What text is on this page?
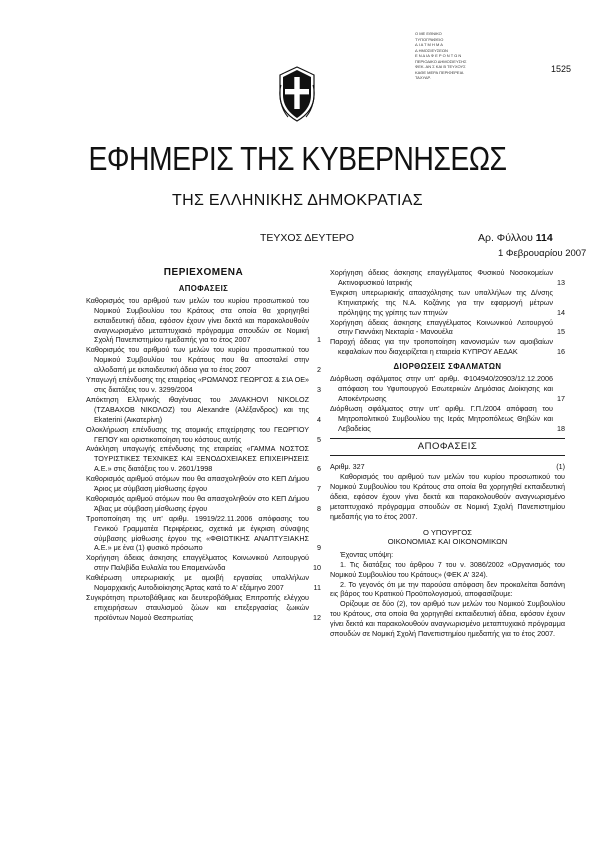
Ο ΜΕ ΕΘΝΙΚΟ
ΤΥΠΟΓΡΑΦΕΙΟ
Δ Ι Α Τ Μ Η Μ Α
Δ ΗΜΟΣΙΕΥΣΕΩΝ
Ε Ν Δ ΙΑ Φ Ε Ρ Ο Ν Τ Ω Ν
ΠΕΡΙΟΔΙΚΟ ΔΗΜΟΣΙΕΥΣΗΣ
ΦΕΚ. ΑΝ Σ ΚΑΙ Β ΤΕΥΧΟΥΣ
ΚΑΘΕ ΜΕΡΑ ΠΕΡΙΦΕΡΕΙΑ
ΤΑΧΥΔΡ.
1525
ΕΦΗΜΕΡΙΣ ΤΗΣ ΚΥΒΕΡΝΗΣΕΩΣ
ΤΗΣ ΕΛΛΗΝΙΚΗΣ ΔΗΜΟΚΡΑΤΙΑΣ
ΤΕΥΧΟΣ ΔΕΥΤΕΡΟ	Αρ. Φύλλου 114
1 Φεβρουαρίου 2007
ΠΕΡΙΕΧΟΜΕΝΑ
ΑΠΟΦΑΣΕΙΣ

Καθορισμός του αριθμού των μελών του κυρίου προσωπικού του Νομικού Συμβουλίου του Κράτους στα οποία θα χορηγηθεί εκπαιδευτική άδεια, εφόσον έχουν γίνει δεκτά και παρακολουθούν αναγνωρισμένο μεταπτυχιακό πρόγραμμα σπουδών σε Νομική Σχολή Πανεπιστημίου ημεδαπής για το έτος 2007	1

Καθορισμός του αριθμού των μελών του κυρίου προσωπικού του Νομικού Συμβουλίου του Κράτους που θα αποσταλεί στην αλλοδαπή με εκπαιδευτική άδεια για το έτος 2007	2

Υπαγωγή επένδυσης της εταιρείας «ΡΩΜΑΝΟΣ ΓΕΩΡΓΟΣ & ΣΙΑ ΟΕ» στις διατάξεις του ν. 3299/2004	3

Απόκτηση Ελληνικής ιθαγένειας του JAVAKHOVI NIKOLOZ (ΤΖΑΒΑΧΟΒ ΝΙΚΟΛΟΖ) του Alexandre (Αλέξανδρος) και της Ekaterini (Αικατερίνη)	4

Ολοκλήρωση επένδυσης της ατομικής επιχείρησης του ΓΕΩΡΓΙΟΥ ΓΕΠΟΥ και οριστικοποίηση του κόστους αυτής	5

Ανάκληση υπαγωγής επένδυσης της εταιρείας «ΓΑΜΜΑ ΝΟΣΤΟΣ ΤΟΥΡΙΣΤΙΚΕΣ ΤΕΧΝΙΚΕΣ ΚΑΙ ΞΕΝΟΔΟΧΕΙΑΚΕΣ ΕΠΙΧΕΙΡΗΣΕΙΣ Α.Ε.» στις διατάξεις του ν. 2601/1998	6

Καθορισμός αριθμού ατόμων που θα απασχοληθούν στο ΚΕΠ Δήμου Άριος με σύμβαση μίσθωσης έργου	7

Καθορισμός αριθμού ατόμων που θα απασχοληθούν στο ΚΕΠ Δήμου Άβιας με σύμβαση μίσθωσης έργου	8

Τροποποίηση της υπ' αριθμ. 19919/22.11.2006 απόφασης του Γενικού Γραμματέα Περιφέρειας, σχετικά με έγκριση σύναψης σύμβασης μίσθωσης έργου της «ΦΘΙΩΤΙΚΗΣ ΑΝΑΠΤΥΞΙΑΚΗΣ Α.Ε.» με ένα (1) φυσικό πρόσωπο	9

Χορήγηση άδειας άσκησης επαγγέλματος Κοινωνικού Λειτουργού στην Παλιβίδα Ευλαλία του Επαμεινώνδα	10

Καθιέρωση υπερωριακής με αμοιβή εργασίας υπαλλήλων Νομαρχιακής Αυτοδιοίκησης Άρτας κατά το Α' εξάμηνο 2007	11

Συγκρότηση πρωτοβάθμιας και δευτεροβάθμιας Επιτροπής ελέγχου επιχειρήσεων σταυλισμού ζώων και επεξεργασίας ζωικών προϊόντων Νομού Θεσπρωτίας	12

Χορήγηση άδειας άσκησης επαγγέλματος Φυσικού Νοσοκομείων Ακτινοφυσικού Ιατρικής	13

Έγκριση υπερωριακής απασχόλησης των υπαλλήλων της Δ/νσης Κτηνιατρικής της Ν.Α. Κοζάνης για την εφαρμογή μέτρων πρόληψης της γρίπης των πτηνών	14

Χορήγηση άδειας άσκησης επαγγέλματος Κοινωνικού Λειτουργού στην Γιαννάκη Νεκταρία - Μανουέλα	15

Παροχή άδειας για την τροποποίηση κανονισμών των αμοιβαίων κεφαλαίων που διαχειρίζεται η εταιρεία ΚΥΠΡΟΥ ΑΕΔΑΚ	16

ΔΙΟΡΘΩΣΕΙΣ ΣΦΑΛΜΑΤΩΝ

Διόρθωση σφάλματος στην υπ' αριθμ. Φ104940/20903/12.12.2006 απόφαση του Υφυπουργού Εσωτερικών Δημόσιας Διοίκησης και Αποκέντρωσης	17

Διόρθωση σφάλματος στην υπ' αριθμ. Γ.Π./2004 απόφαση του Μητροπολιτικού Συμβουλίου της Ιεράς Μητροπόλεως Θηβών και Λεβαδείας	18

ΑΠΟΦΑΣΕΙΣ

Αριθμ. 327	(1)

Καθορισμός του αριθμού των μελών του κυρίου προσωπικού του Νομικού Συμβουλίου του Κράτους στα οποία θα χορηγηθεί εκπαιδευτική άδεια, εφόσον έχουν γίνει δεκτά και παρακολουθούν αναγνωρισμένο μεταπτυχιακό πρόγραμμα σπουδών σε Νομική Σχολή Πανεπιστημίου ημεδαπής για το έτος 2007.

Ο ΥΠΟΥΡΓΟΣ
ΟΙΚΟΝΟΜΙΑΣ ΚΑΙ ΟΙΚΟΝΟΜΙΚΩΝ

Έχοντας υπόψη:

1. Τις διατάξεις του άρθρου 7 του ν. 3086/2002 «Οργανισμός του Νομικού Συμβουλίου του Κράτους» (ΦΕΚ Α' 324).

2. Το γεγονός ότι με την παρούσα απόφαση δεν προκαλείται δαπάνη εις βάρος του Κρατικού Προϋπολογισμού, αποφασίζουμε:

Ορίζουμε σε δύο (2), τον αριθμό των μελών του Νομικού Συμβουλίου του Κράτους, στα οποία θα χορηγηθεί εκπαιδευτική άδεια, εφόσον έχουν γίνει δεκτά και παρακολουθούν αναγνωρισμένο μεταπτυχιακό πρόγραμμα σπουδών σε Νομική Σχολή Πανεπιστημίου ημεδαπής για το έτος 2007.
